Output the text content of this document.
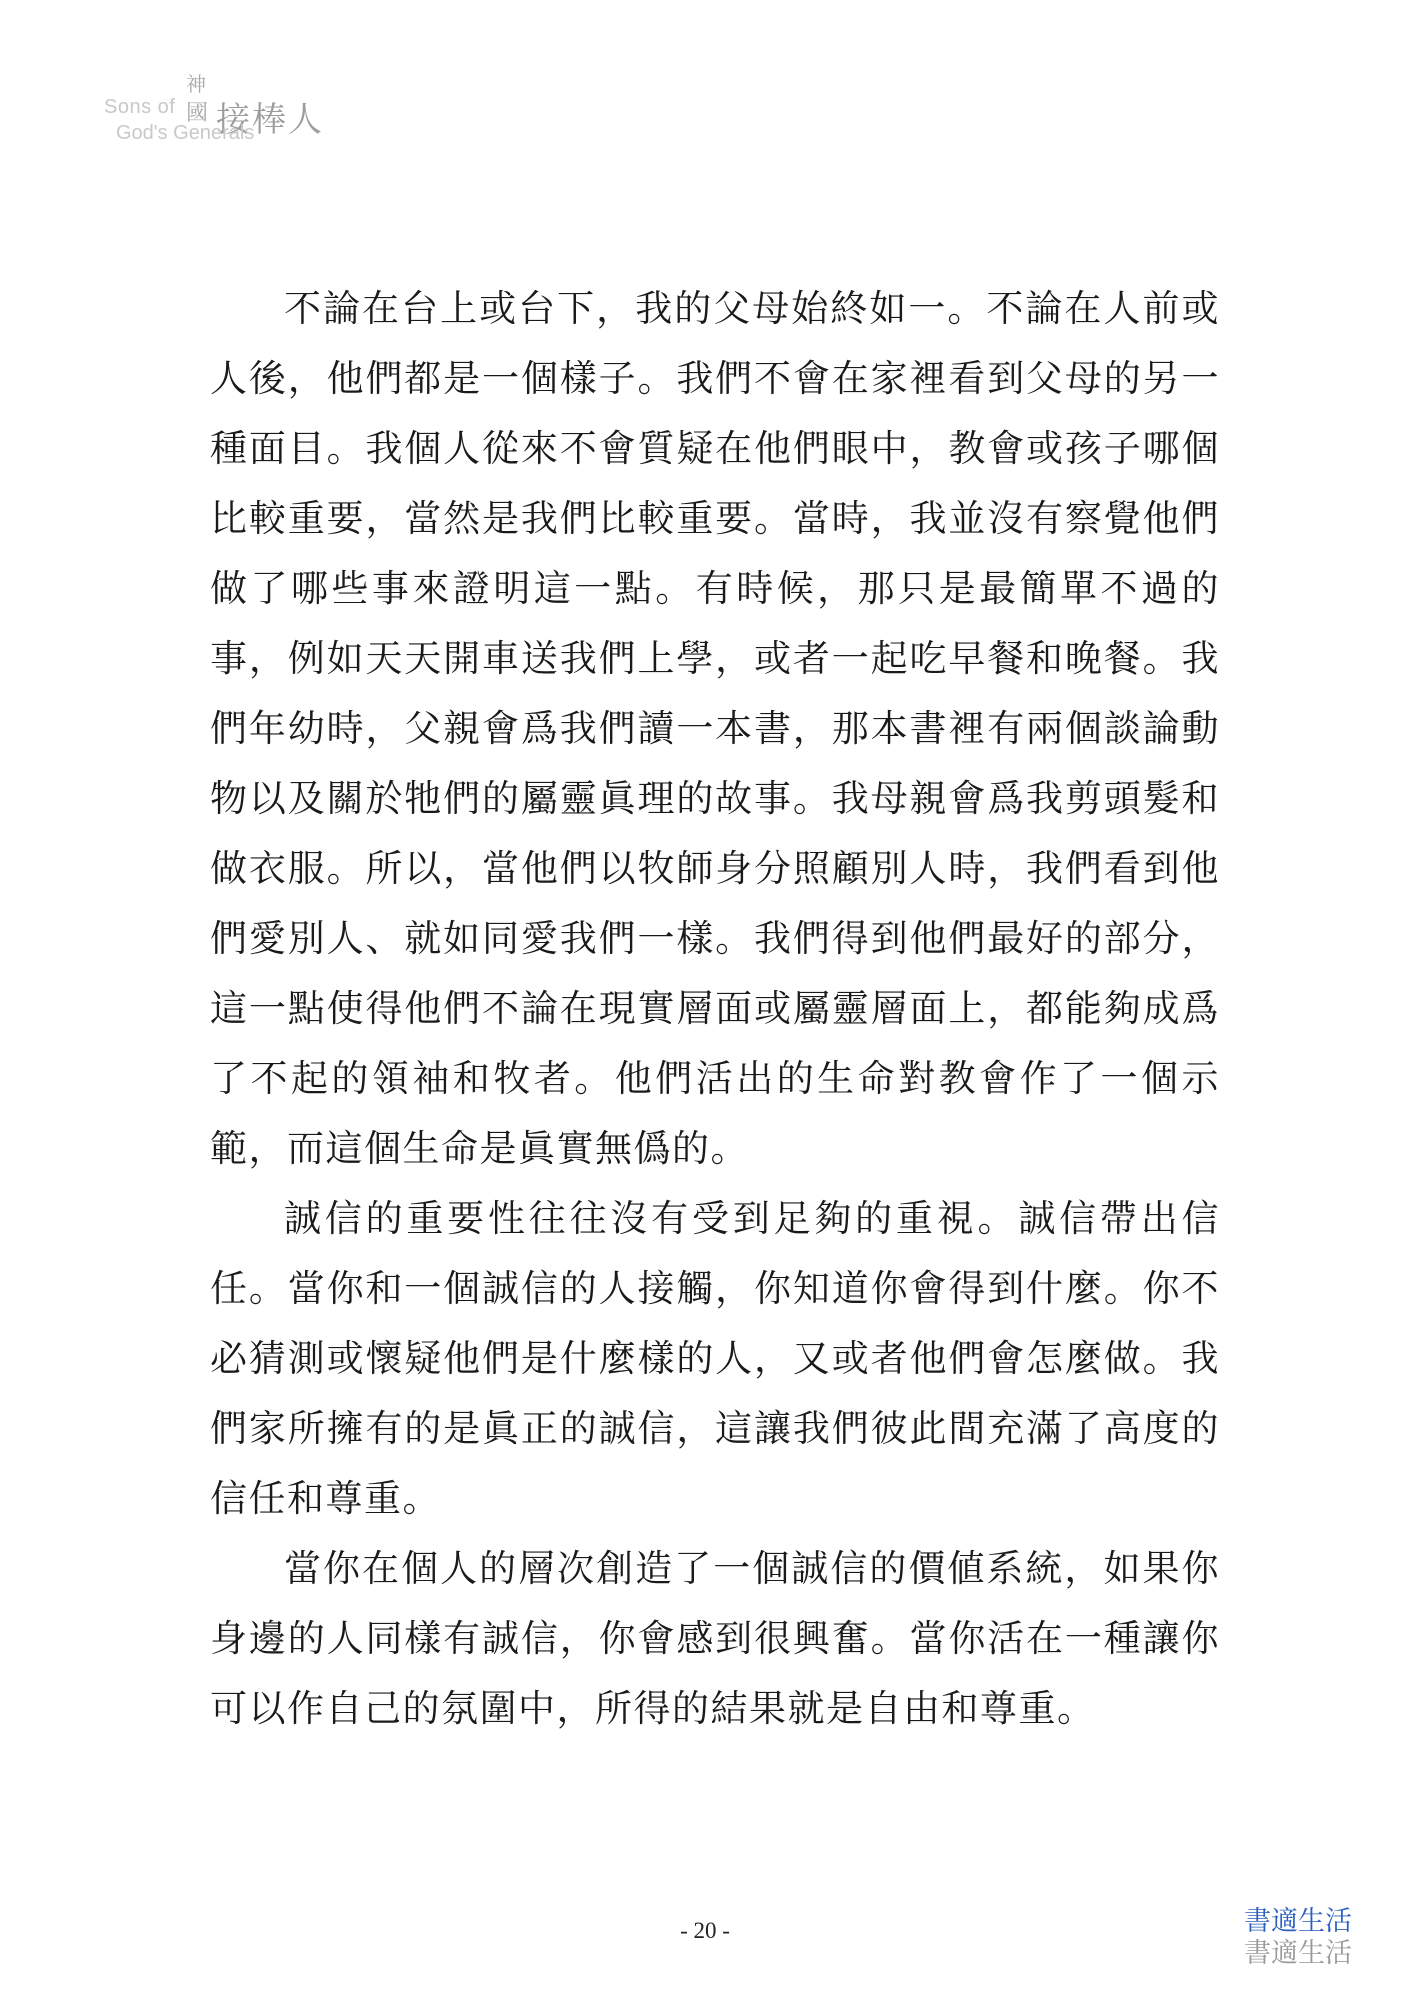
Sons of
神
國 接棒人
God's Generals

不論在台上或台下，我的父母始終如一。不論在人前或人後，他們都是一個樣子。我們不會在家裡看到父母的另一種面目。我個人從來不會質疑在他們眼中，教會或孩子哪個比較重要，當然是我們比較重要。當時，我並沒有察覺他們做了哪些事來證明這一點。有時候，那只是最簡單不過的事，例如天天開車送我們上學，或者一起吃早餐和晚餐。我們年幼時，父親會爲我們讀一本書，那本書裡有兩個談論動物以及關於牠們的屬靈眞理的故事。我母親會爲我剪頭髮和做衣服。所以，當他們以牧師身分照顧別人時，我們看到他們愛別人、就如同愛我們一樣。我們得到他們最好的部分，這一點使得他們不論在現實層面或屬靈層面上，都能夠成爲了不起的領袖和牧者。他們活出的生命對教會作了一個示範，而這個生命是眞實無僞的。

誠信的重要性往往沒有受到足夠的重視。誠信帶出信任。當你和一個誠信的人接觸，你知道你會得到什麼。你不必猜測或懷疑他們是什麼樣的人，又或者他們會怎麼做。我們家所擁有的是眞正的誠信，這讓我們彼此間充滿了高度的信任和尊重。

當你在個人的層次創造了一個誠信的價値系統，如果你身邊的人同樣有誠信，你會感到很興奮。當你活在一種讓你可以作自己的氛圍中，所得的結果就是自由和尊重。

- 20 -	書適生活
書適生活
